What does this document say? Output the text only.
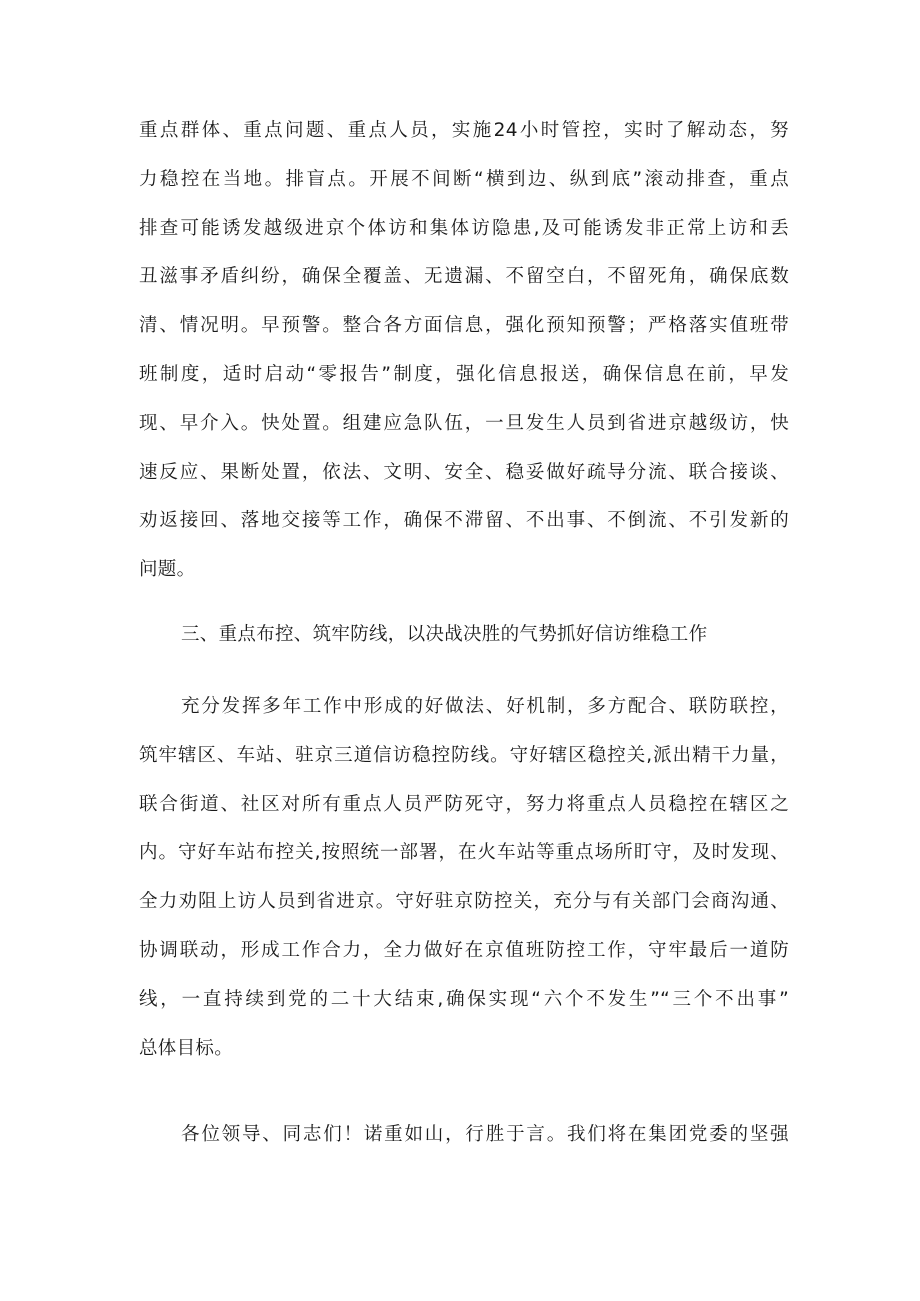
重点群体、重点问题、重点人员，实施24小时管控，实时了解动态，努
力稳控在当地。排盲点。开展不间断“横到边、纵到底”滚动排查，重点
排查可能诱发越级进京个体访和集体访隐患,及可能诱发非正常上访和丢
丑滋事矛盾纠纷，确保全覆盖、无遗漏、不留空白，不留死角，确保底数
清、情况明。早预警。整合各方面信息，强化预知预警；严格落实值班带
班制度，适时启动“零报告”制度，强化信息报送，确保信息在前，早发
现、早介入。快处置。组建应急队伍，一旦发生人员到省进京越级访，快
速反应、果断处置，依法、文明、安全、稳妥做好疏导分流、联合接谈、
劝返接回、落地交接等工作，确保不滞留、不出事、不倒流、不引发新的
问题。
三、重点布控、筑牢防线，以决战决胜的气势抓好信访维稳工作
充分发挥多年工作中形成的好做法、好机制，多方配合、联防联控，
筑牢辖区、车站、驻京三道信访稳控防线。守好辖区稳控关,派出精干力量，
联合街道、社区对所有重点人员严防死守，努力将重点人员稳控在辖区之
内。守好车站布控关,按照统一部署，在火车站等重点场所盯守，及时发现、
全力劝阻上访人员到省进京。守好驻京防控关，充分与有关部门会商沟通、
协调联动，形成工作合力，全力做好在京值班防控工作，守牢最后一道防
线，一直持续到党的二十大结束,确保实现“六个不发生”“三个不出事”
总体目标。
各位领导、同志们！诺重如山，行胜于言。我们将在集团党委的坚强
